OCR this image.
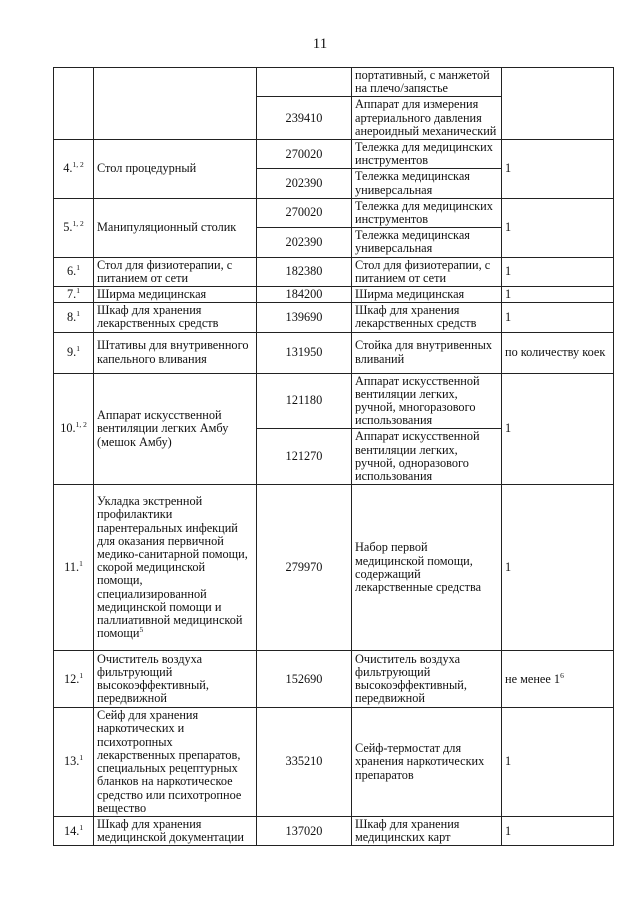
11
			портативный, с манжетой на плечо/запястье	
		239410	Аппарат для измерения артериального давления анероидный механический	
4.$^{1, 2}$	Стол процедурный	270020	Тележка для медицинских инструментов	1
		202390	Тележка медицинская универсальная	
5.$^{1, 2}$	Манипуляционный столик	270020	Тележка для медицинских инструментов	1
		202390	Тележка медицинская универсальная	
6.$^1$	Стол для физиотерапии, с питанием от сети	182380	Стол для физиотерапии, с питанием от сети	1
7.$^1$	Ширма медицинская	184200	Ширма медицинская	1
8.$^1$	Шкаф для хранения лекарственных средств	139690	Шкаф для хранения лекарственных средств	1
9.$^1$	Штативы для внутривенного капельного вливания	131950	Стойка для внутривенных вливаний	по количеству коек
10.$^{1, 2}$	Аппарат искусственной вентиляции легких Амбу (мешок Амбу)	121180	Аппарат искусственной вентиляции легких, ручной, многоразового использования	1
		121270	Аппарат искусственной вентиляции легких, ручной, одноразового использования	
11.$^1$	Укладка экстренной профилактики парентеральных инфекций для оказания первичной медико-санитарной помощи, скорой медицинской помощи, специализированной медицинской помощи и паллиативной медицинской помощи$^5$	279970	Набор первой медицинской помощи, содержащий лекарственные средства	1
12.$^1$	Очиститель воздуха фильтрующий высокоэффективный, передвижной	152690	Очиститель воздуха фильтрующий высокоэффективный, передвижной	не менее $1^6$
13.$^1$	Сейф для хранения наркотических и психотропных лекарственных препаратов, специальных рецептурных бланков на наркотическое средство или психотропное вещество	335210	Сейф-термостат для хранения наркотических препаратов	1
14.$^1$	Шкаф для хранения медицинской документации	137020	Шкаф для хранения медицинских карт	1
